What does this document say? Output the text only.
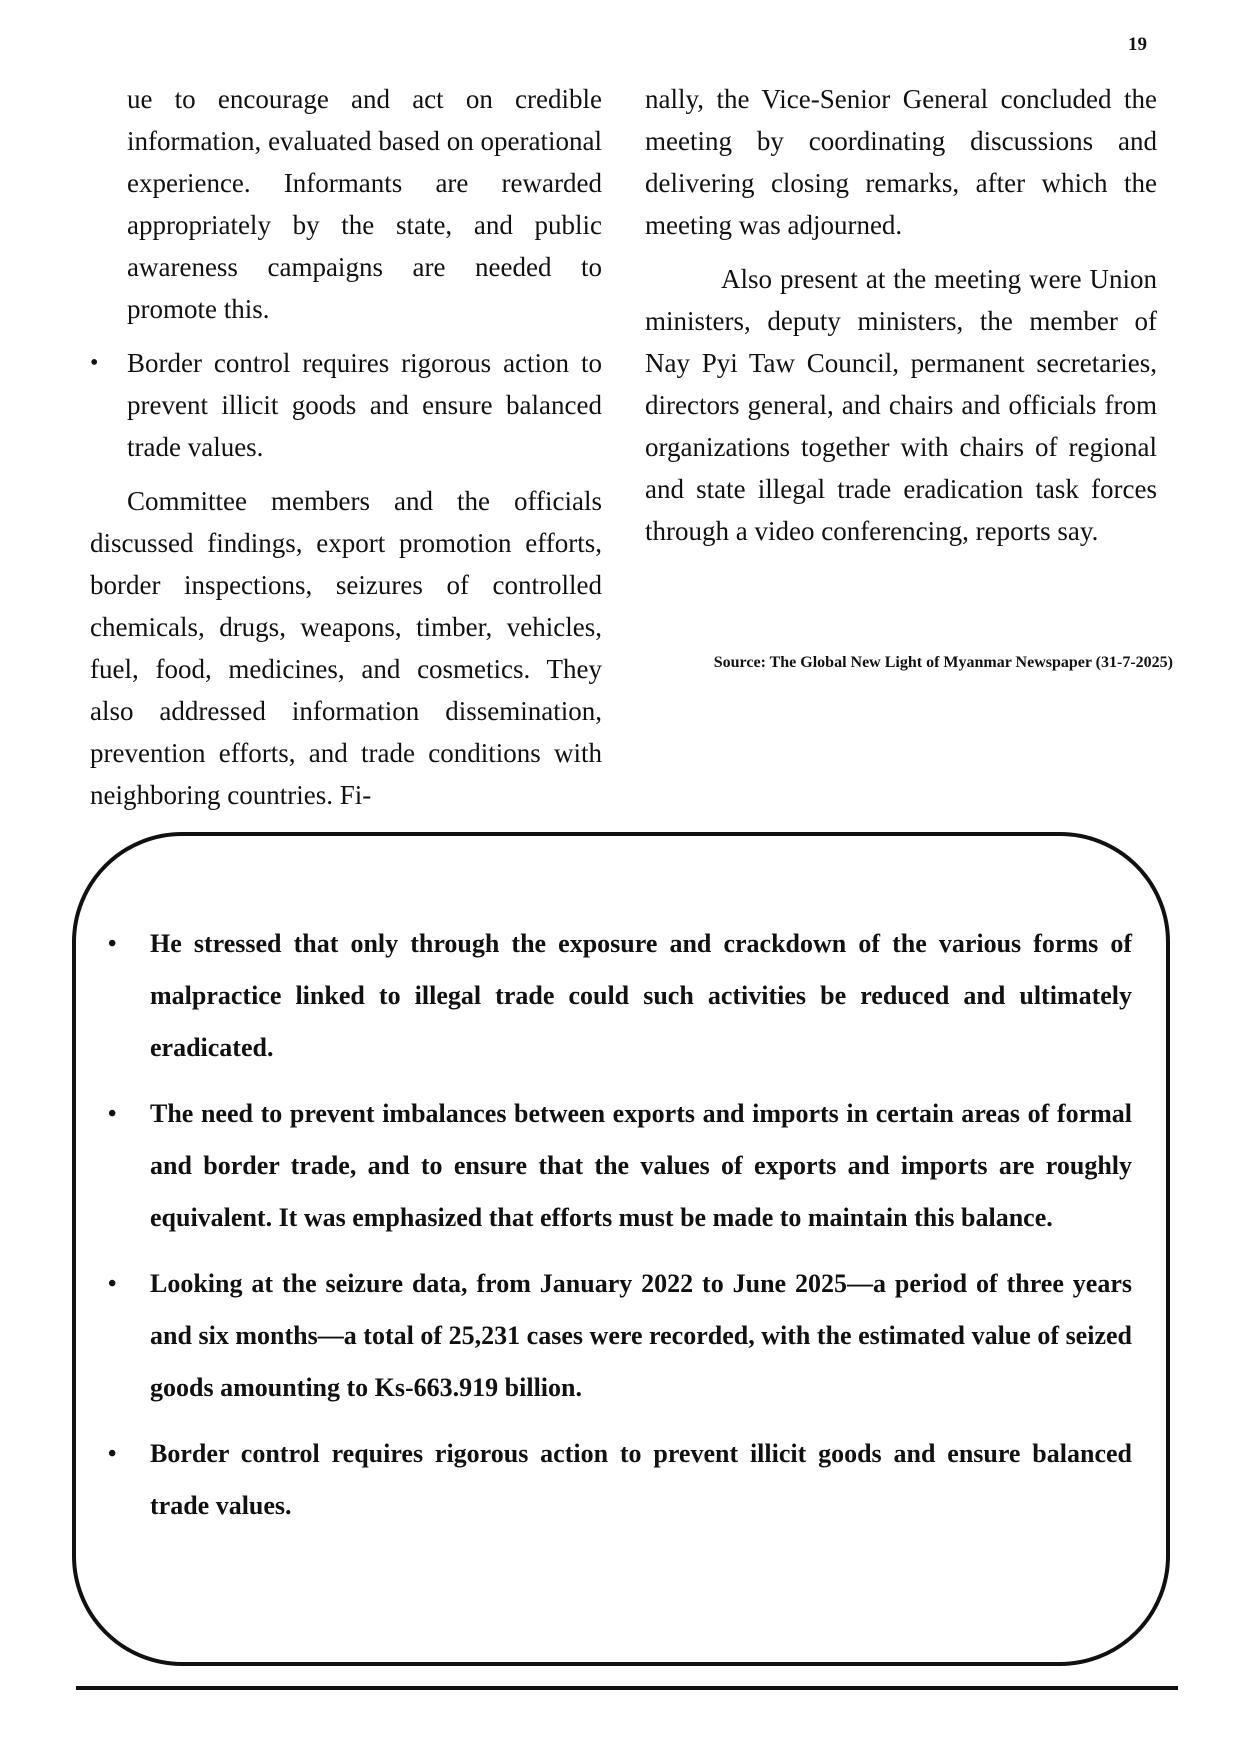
19

ue to encourage and act on credible information, evaluated based on operational experience. Informants are rewarded appropriately by the state, and public awareness campaigns are needed to promote this.

•	Border control requires rigorous action to prevent illicit goods and ensure balanced trade values.

Committee members and the officials discussed findings, export promotion efforts, border inspections, seizures of controlled chemicals, drugs, weapons, timber, vehicles, fuel, food, medicines, and cosmetics. They also addressed information dissemination, prevention efforts, and trade conditions with neighboring countries. Fi-

nally, the Vice-Senior General concluded the meeting by coordinating discussions and delivering closing remarks, after which the meeting was adjourned.

Also present at the meeting were Union ministers, deputy ministers, the member of Nay Pyi Taw Council, permanent secretaries, directors general, and chairs and officials from organizations together with chairs of regional and state illegal trade eradication task forces through a video conferencing, reports say.

Source: The Global New Light of Myanmar Newspaper (31-7-2025)
•	He stressed that only through the exposure and crackdown of the various forms of malpractice linked to illegal trade could such activities be reduced and ultimately eradicated.
•	The need to prevent imbalances between exports and imports in certain areas of formal and border trade, and to ensure that the values of exports and imports are roughly equivalent. It was emphasized that efforts must be made to maintain this balance.
•	Looking at the seizure data, from January 2022 to June 2025—a period of three years and six months—a total of 25,231 cases were recorded, with the estimated value of seized goods amounting to Ks-663.919 billion.
•	Border control requires rigorous action to prevent illicit goods and ensure balanced trade values.
